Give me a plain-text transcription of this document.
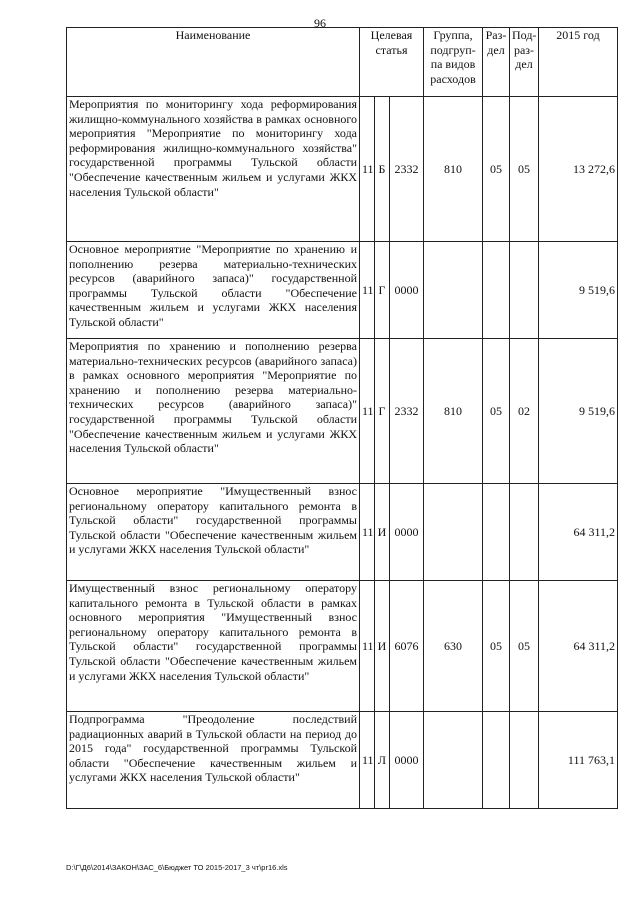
96
Наименование	Целевая статья			Группа, подгруп-па видов расходов	Раз-дел	Под-раз-дел	2015 год
Мероприятия по мониторингу хода реформирования жилищно-коммунального хозяйства в рамках основного мероприятия "Мероприятие по мониторингу хода реформирования жилищно-коммунального хозяйства" государственной программы Тульской области "Обеспечение качественным жильем и услугами ЖКХ населения Тульской области"	11	Б	2332	810	05	05	13 272,6
Основное мероприятие "Мероприятие по хранению и пополнению резерва материально-технических ресурсов (аварийного запаса)" государственной программы Тульской области "Обеспечение качественным жильем и услугами ЖКХ населения Тульской области"	11	Г	0000				9 519,6
Мероприятия по хранению и пополнению резерва материально-технических ресурсов (аварийного запаса) в рамках основного мероприятия "Мероприятие по хранению и пополнению резерва материально-технических ресурсов (аварийного запаса)" государственной программы Тульской области "Обеспечение качественным жильем и услугами ЖКХ населения Тульской области"	11	Г	2332	810	05	02	9 519,6
Основное мероприятие "Имущественный взнос региональному оператору капитального ремонта в Тульской области" государственной программы Тульской области "Обеспечение качественным жильем и услугами ЖКХ населения Тульской области"	11	И	0000				64 311,2
Имущественный взнос региональному оператору капитального ремонта в Тульской области в рамках основного мероприятия "Имущественный взнос региональному оператору капитального ремонта в Тульской области" государственной программы Тульской области "Обеспечение качественным жильем и услугами ЖКХ населения Тульской области"	11	И	6076	630	05	05	64 311,2
Подпрограмма "Преодоление последствий радиационных аварий в Тульской области на период до 2015 года" государственной программы Тульской области "Обеспечение качественным жильем и услугами ЖКХ населения Тульской области"	11	Л	0000				111 763,1
D:\Г\Д6\2014\ЗАКОН\ЗАС_6\Бюджет ТО 2015-2017_3 чт\pr16.xls
